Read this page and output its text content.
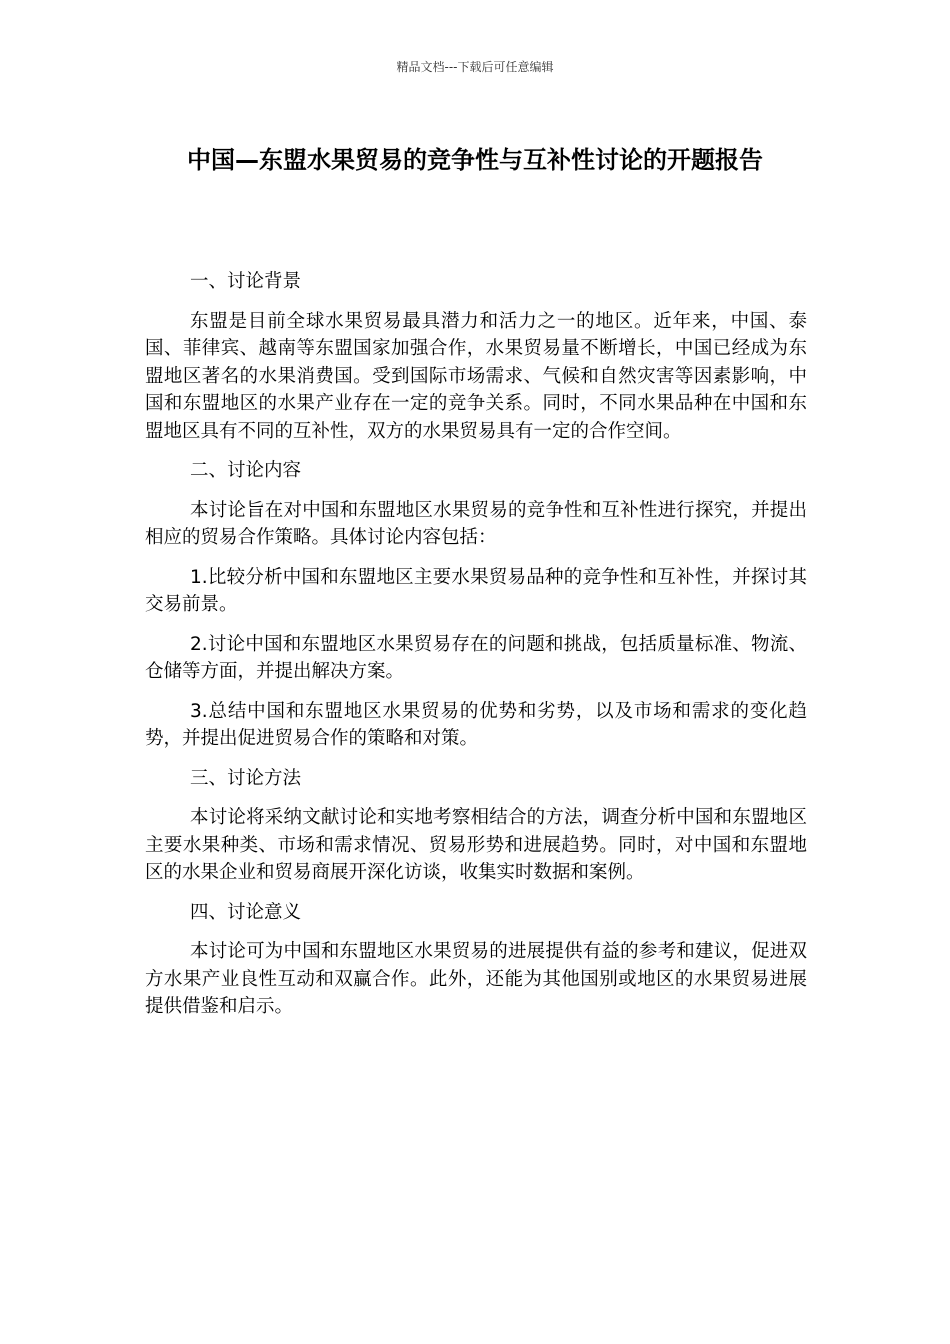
精品文档---下载后可任意编辑
中国—东盟水果贸易的竞争性与互补性讨论的开题报告

一、讨论背景

东盟是目前全球水果贸易最具潜力和活力之一的地区。近年来，中国、泰国、菲律宾、越南等东盟国家加强合作，水果贸易量不断增长，中国已经成为东盟地区著名的水果消费国。受到国际市场需求、气候和自然灾害等因素影响，中国和东盟地区的水果产业存在一定的竞争关系。同时，不同水果品种在中国和东盟地区具有不同的互补性，双方的水果贸易具有一定的合作空间。

二、讨论内容

本讨论旨在对中国和东盟地区水果贸易的竞争性和互补性进行探究，并提出相应的贸易合作策略。具体讨论内容包括：

1.比较分析中国和东盟地区主要水果贸易品种的竞争性和互补性，并探讨其交易前景。

2.讨论中国和东盟地区水果贸易存在的问题和挑战，包括质量标准、物流、仓储等方面，并提出解决方案。

3.总结中国和东盟地区水果贸易的优势和劣势，以及市场和需求的变化趋势，并提出促进贸易合作的策略和对策。

三、讨论方法

本讨论将采纳文献讨论和实地考察相结合的方法，调查分析中国和东盟地区主要水果种类、市场和需求情况、贸易形势和进展趋势。同时，对中国和东盟地区的水果企业和贸易商展开深化访谈，收集实时数据和案例。

四、讨论意义

本讨论可为中国和东盟地区水果贸易的进展提供有益的参考和建议，促进双方水果产业良性互动和双赢合作。此外，还能为其他国别或地区的水果贸易进展提供借鉴和启示。
